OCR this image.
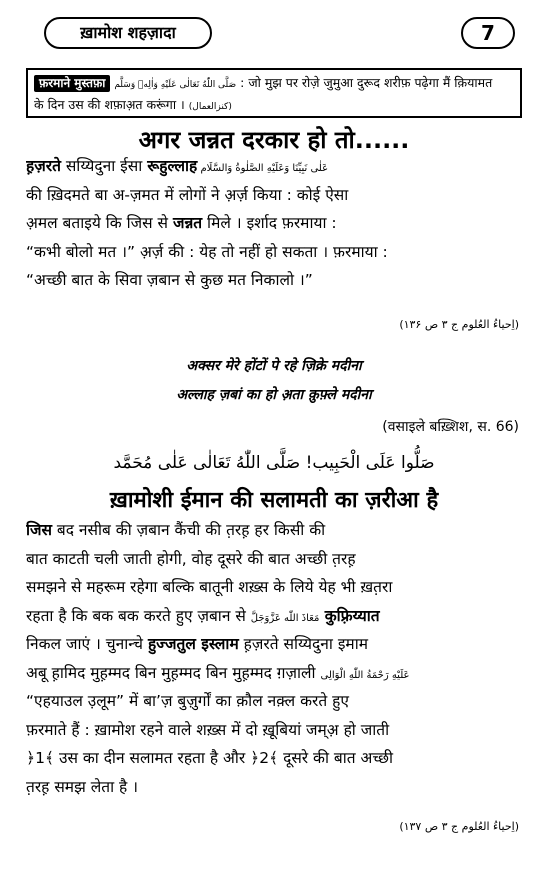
ख़ामोश शहज़ादा	7
फ़रमाने मुस्तफ़ा صَلَّى اللّٰهُ تَعَالٰى عَلَيْهِ وَاٰلِهٖ وَسَلَّم : जो मुझ पर रोज़े जुमुआ दुरूद शरीफ़ पढ़ेगा मैं क़ियामत
के दिन उस की शफ़ाअ़त करूंगा । (کنزالعمال)
अगर जन्नत दरकार हो तो......
ह़ज़रते सय्यिदुना ईसा रूहुल्लाह عَلٰى نَبِيِّنَا وَعَلَيْهِ الصَّلٰوةُ وَالسَّلَام
की ख़िदमते बा अ-ज़मत में लोगों ने अ़र्ज़ किया : कोई ऐसा
अ़मल बताइये कि जिस से जन्नत मिले । इर्शाद फ़रमाया :
“कभी बोलो मत ।” अ़र्ज़ की : येह तो नहीं हो सकता । फ़रमाया :
“अच्छी बात के सिवा ज़बान से कुछ मत निकालो ।”
(اِحیاءُ العُلوم ج ۳ ص ۱۳۶)
अक्सर मेरे होंटों पे रहे ज़िक्रे मदीना
अल्लाह ज़बां का हो अ़ता क़ुफ़्ले मदीना
(वसाइले बख़्शिश, स. 66)
صَلُّوا عَلَى الْحَبِيب! صَلَّى اللّٰهُ تَعَالٰى عَلٰى مُحَمَّد
ख़ामोशी ईमान की सलामती का ज़रीआ है
जिस बद नसीब की ज़बान कैंची की त़रह़ हर किसी की
बात काटती चली जाती होगी, वोह दूसरे की बात अच्छी त़रह़
समझने से महरूम रहेगा बल्कि बातूनी शख़्स के लिये येह भी ख़त़रा
रहता है कि बक बक करते हुए ज़बान से مَعَاذَ اللّٰه عَزَّوَجَلَّ कुफ़्रिय्यात
निकल जाएं । चुनान्चे हुज्जतुल इस्लाम ह़ज़रते सय्यिदुना इमाम
अबू ह़ामिद मुह़म्मद बिन मुह़म्मद बिन मुह़म्मद ग़ज़ाली عَلَيْهِ رَحْمَةُ اللّٰهِ الْوَالِى
“एहयाउल उ़लूम” में बा’ज़ बुज़ुर्गों का क़ौल नक़्ल करते हुए
फ़रमाते हैं : ख़ामोश रहने वाले शख़्स में दो ख़ूबियां जम्अ़ हो जाती
﴿1﴾ उस का दीन सलामत रहता है और ﴿2﴾ दूसरे की बात अच्छी
त़रह़ समझ लेता है ।
(اِحیاءُ العُلوم ج ۳ ص ۱۳۷)
